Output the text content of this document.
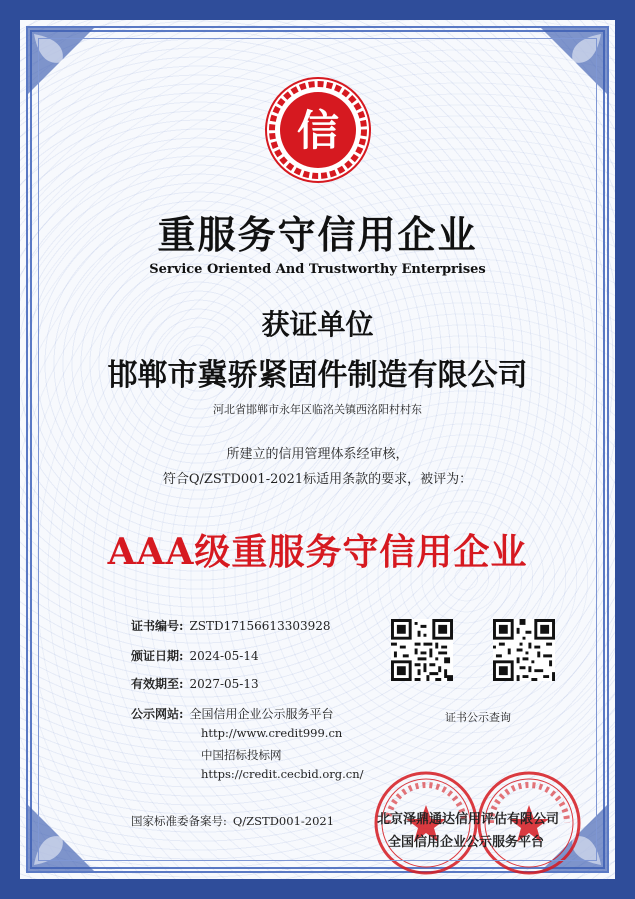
信
重服务守信用企业
Service Oriented And Trustworthy Enterprises
获证单位
邯郸市冀骄紧固件制造有限公司
河北省邯郸市永年区临洺关镇西洺阳村村东
所建立的信用管理体系经审核，
符合Q/ZSTD001-2021标适用条款的要求，被评为：
AAA级重服务守信用企业
证书编号: ZSTD17156613303928
颁证日期: 2024-05-14
有效期至: 2027-05-13
公示网站: 全国信用企业公示服务平台
http://www.credit999.cn
中国招标投标网
https://credit.cecbid.org.cn/
证书公示查询
国家标准委备案号: Q/ZSTD001-2021	北京泽鼎通达信用评估有限公司
全国信用企业公示服务平台
